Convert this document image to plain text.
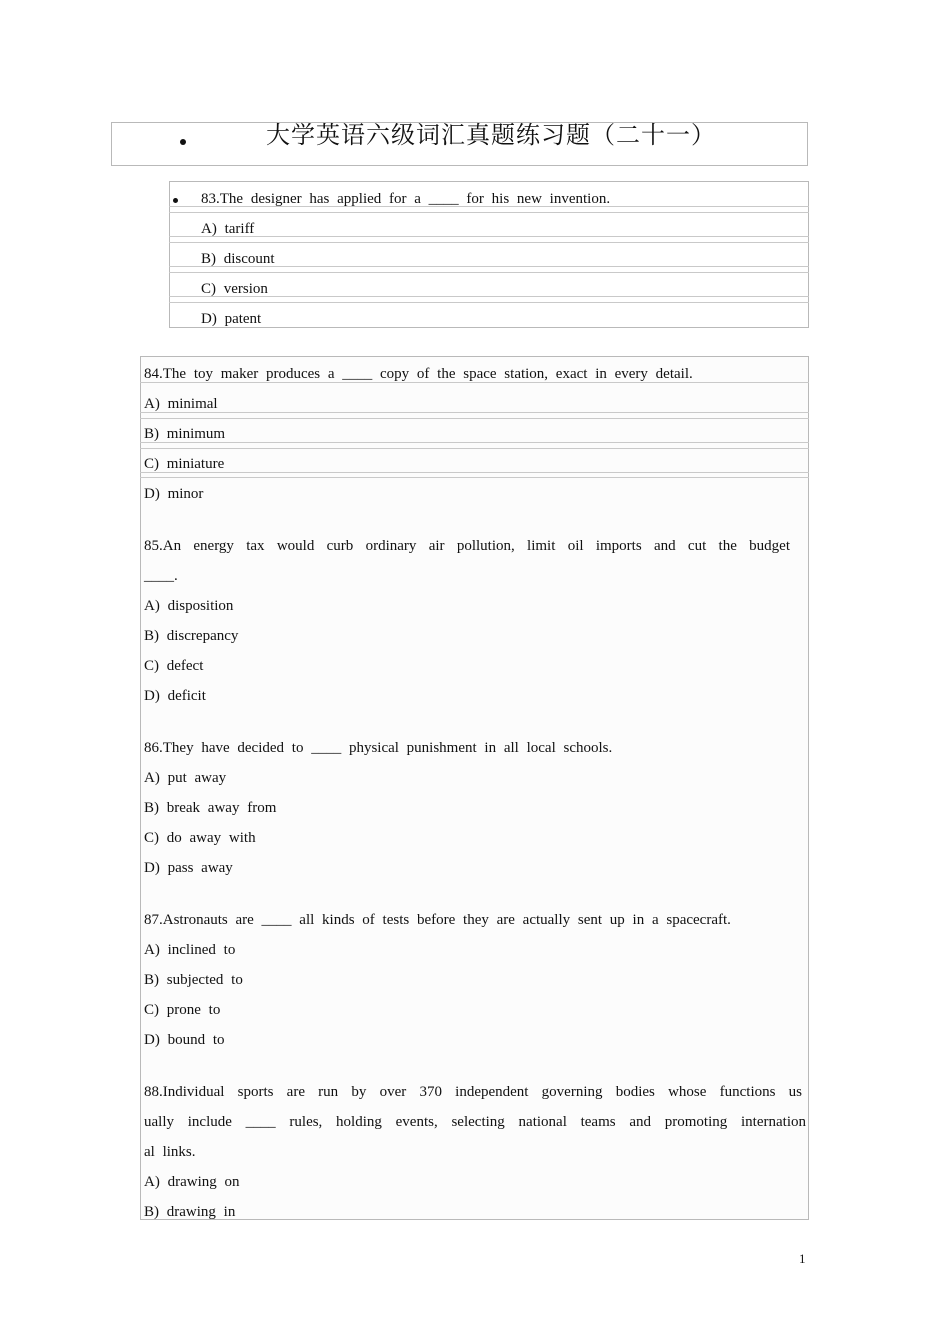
大学英语六级词汇真题练习题（二十一）
83.The designer has applied for a ____ for his new invention.
A) tariff
B) discount
C) version
D) patent
84.The toy maker produces a ____ copy of the space station, exact in every detail.
A) minimal
B) minimum
C) miniature
D) minor
85.An energy tax would curb ordinary air pollution, limit oil imports and cut the budget
____.
A) disposition
B) discrepancy
C) defect
D) deficit
86.They have decided to ____ physical punishment in all local schools.
A) put away
B) break away from
C) do away with
D) pass away
87.Astronauts are ____ all kinds of tests before they are actually sent up in a spacecraft.
A) inclined to
B) subjected to
C) prone to
D) bound to
88.Individual sports are run by over 370 independent governing bodies whose functions us
ually include ____ rules, holding events, selecting national teams and promoting internation
al links.
A) drawing on
B) drawing in
1
